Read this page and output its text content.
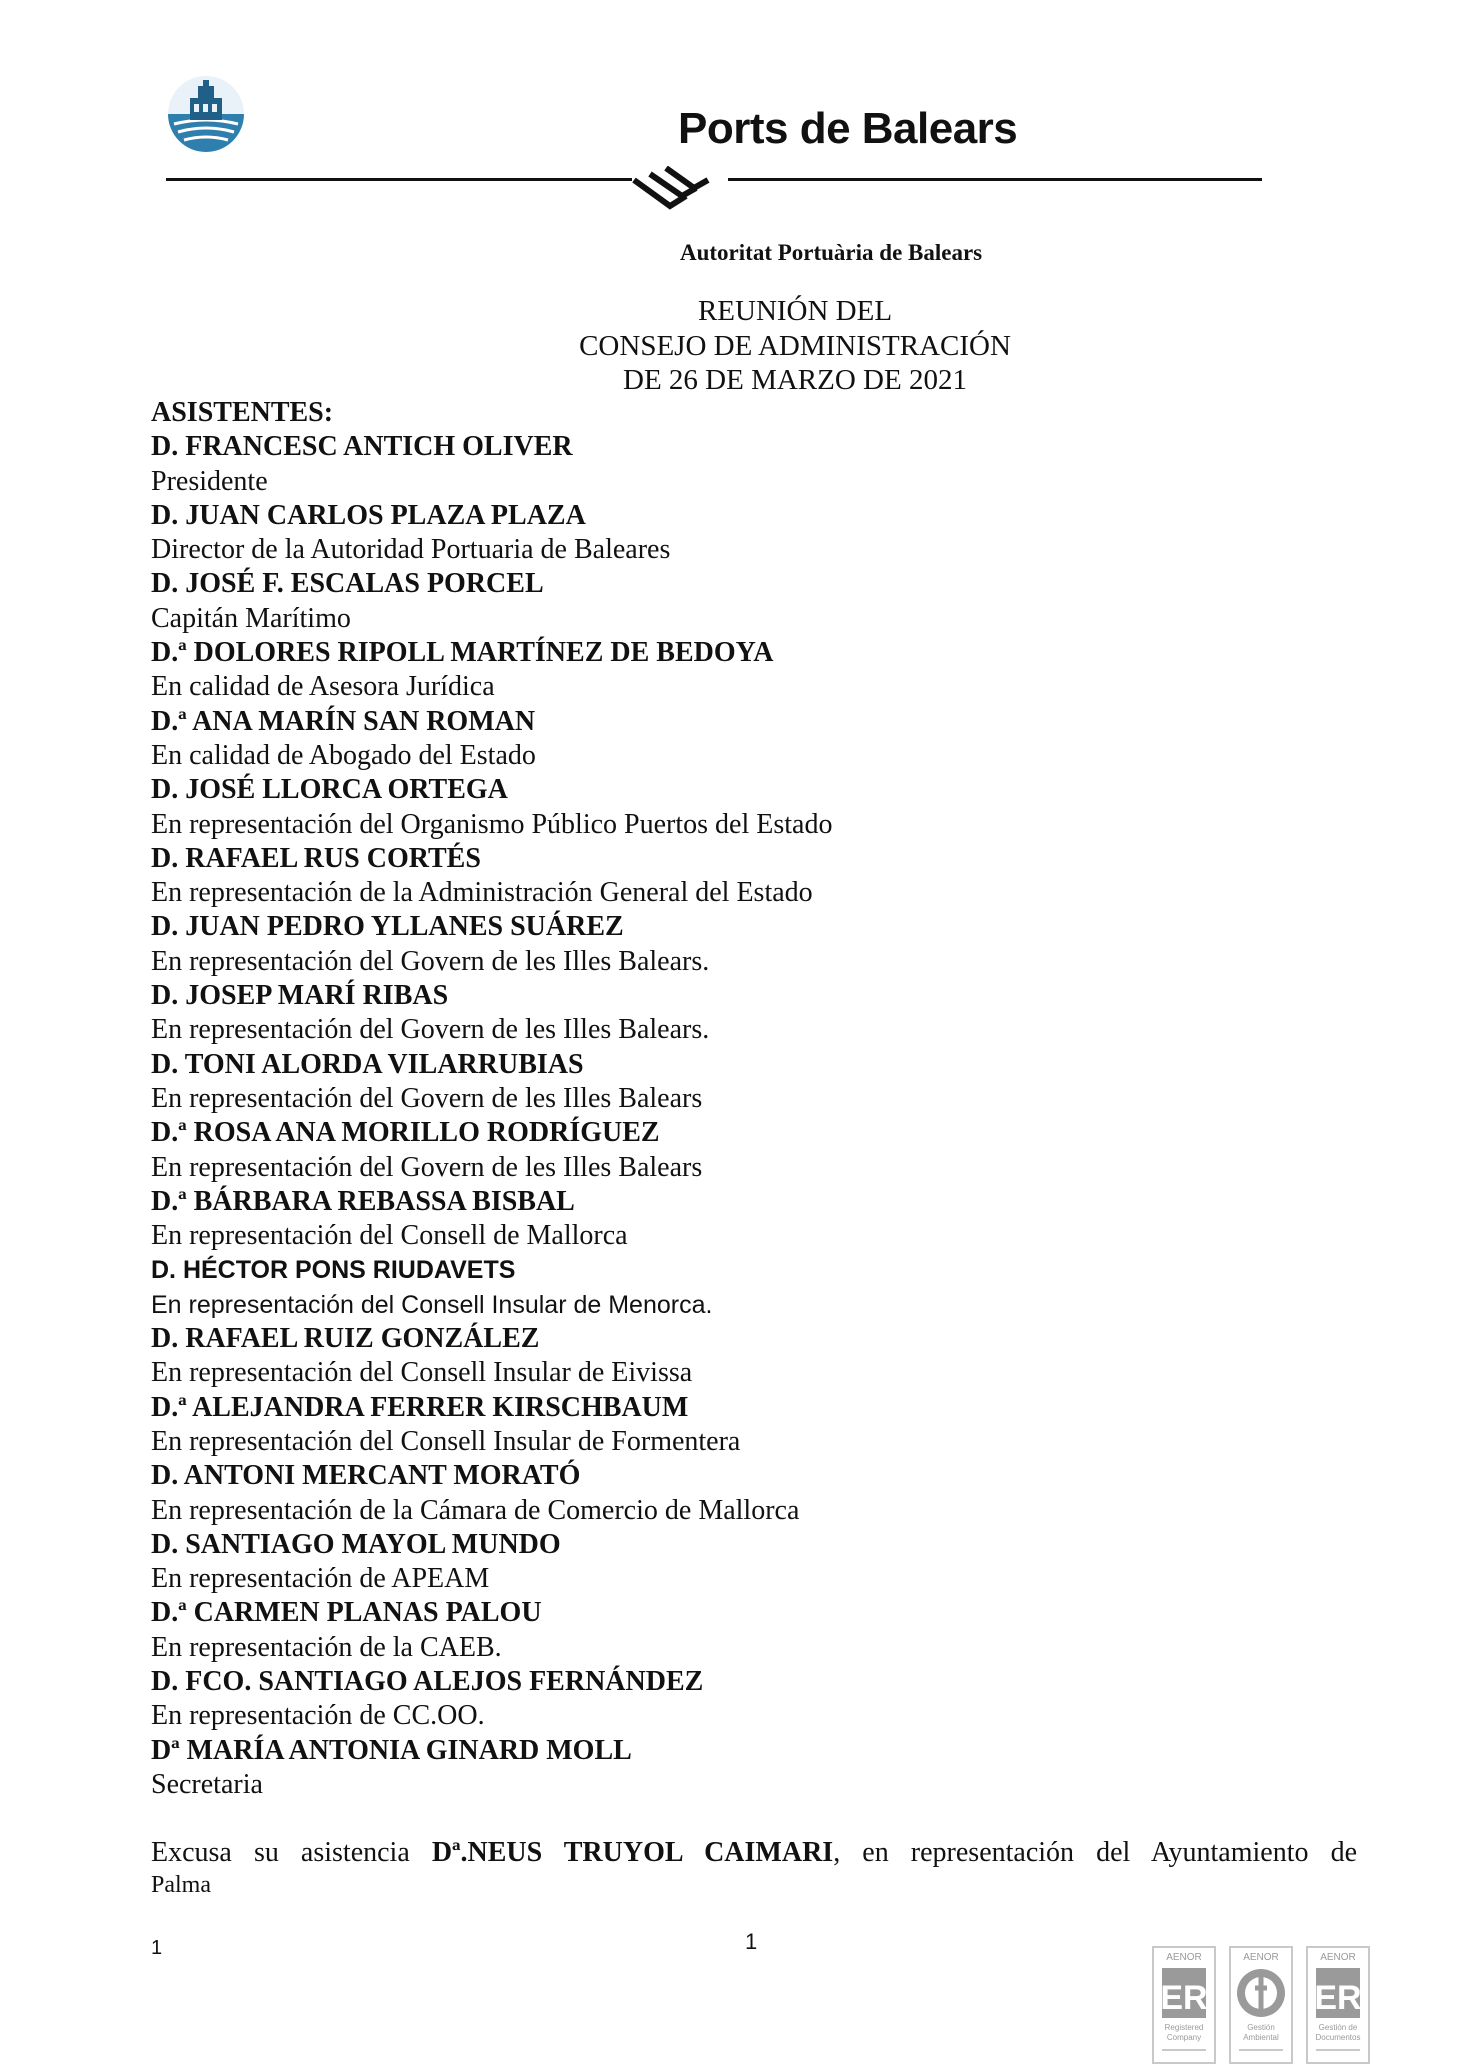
Ports de Balears
Autoritat Portuària de Balears
REUNIÓN DEL
CONSEJO DE ADMINISTRACIÓN
DE 26 DE MARZO DE 2021
ASISTENTES:
D. FRANCESC ANTICH OLIVER
Presidente
D. JUAN CARLOS PLAZA PLAZA
Director de la Autoridad Portuaria de Baleares
D. JOSÉ F. ESCALAS PORCEL
Capitán Marítimo
D.ª DOLORES RIPOLL MARTÍNEZ DE BEDOYA
En calidad de Asesora Jurídica
D.ª ANA MARÍN SAN ROMAN
En calidad de Abogado del Estado
D. JOSÉ LLORCA ORTEGA
En representación del Organismo Público Puertos del Estado
D. RAFAEL RUS CORTÉS
En representación de la Administración General del Estado
D. JUAN PEDRO YLLANES SUÁREZ
En representación del Govern de les Illes Balears.
D. JOSEP MARÍ RIBAS
En representación del Govern de les Illes Balears.
D. TONI ALORDA VILARRUBIAS
En representación del Govern de les Illes Balears
D.ª ROSA ANA MORILLO RODRÍGUEZ
En representación del Govern de les Illes Balears
D.ª BÁRBARA REBASSA BISBAL
En representación del Consell de Mallorca
D. HÉCTOR PONS RIUDAVETS
En representación del Consell Insular de Menorca.
D. RAFAEL RUIZ GONZÁLEZ
En representación del Consell Insular de Eivissa
D.ª ALEJANDRA FERRER KIRSCHBAUM
En representación del Consell Insular de Formentera
D. ANTONI MERCANT MORATÓ
En representación de la Cámara de Comercio de Mallorca
D. SANTIAGO MAYOL MUNDO
En representación de APEAM
D.ª CARMEN PLANAS PALOU
En representación de la CAEB.
D. FCO. SANTIAGO ALEJOS FERNÁNDEZ
En representación de CC.OO.
Dª MARÍA ANTONIA GINARD MOLL
Secretaria
Excusa su asistencia Dª.NEUS TRUYOL CAIMARI, en representación del Ayuntamiento de
Palma
1	1
AENOR
ER
Registered
Company
AENOR
Gestión
Ambiental
AENOR
ER
Gestión de
Documentos
